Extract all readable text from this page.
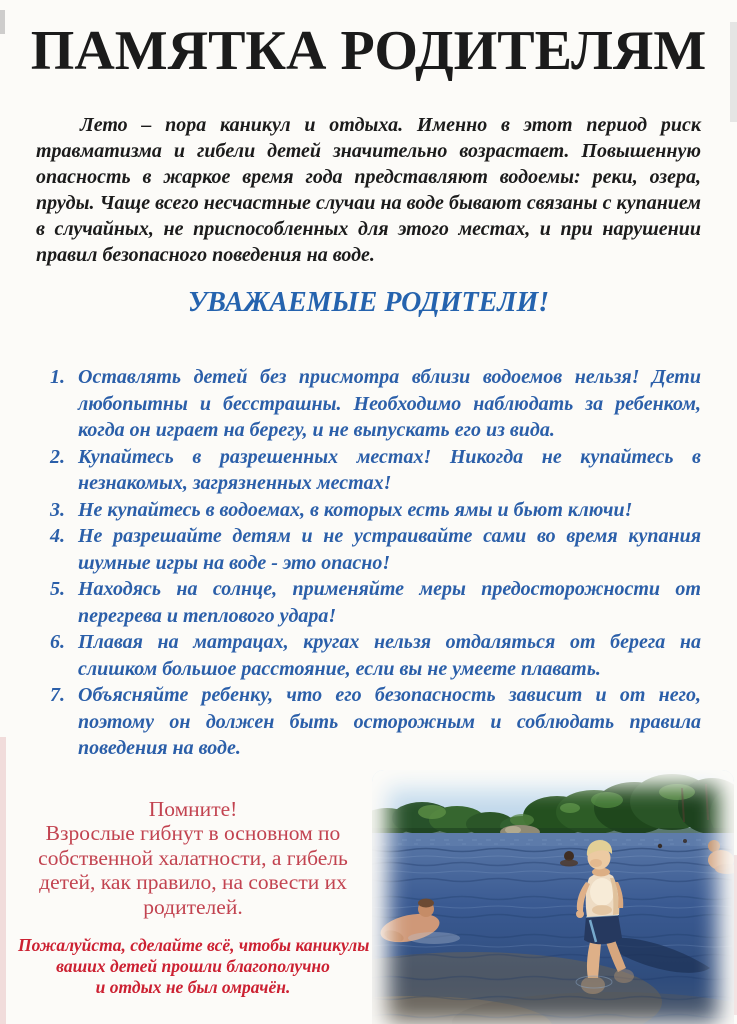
ПАМЯТКА РОДИТЕЛЯМ

Лето – пора каникул и отдыха. Именно в этот период риск травматизма и гибели детей значительно возрастает. Повышенную опасность в жаркое время года представляют водоемы: реки, озера, пруды. Чаще всего несчастные случаи на воде бывают связаны с купанием в случайных, не приспособленных для этого местах, и при нарушении правил безопасного поведения на воде.

УВАЖАЕМЫЕ РОДИТЕЛИ!
1. Оставлять детей без присмотра вблизи водоемов нельзя! Дети любопытны и бесстрашны. Необходимо наблюдать за ребенком, когда он играет на берегу, и не выпускать его из вида.
2. Купайтесь в разрешенных местах! Никогда не купайтесь в незнакомых, загрязненных местах!
3. Не купайтесь в водоемах, в которых есть ямы и бьют ключи!
4. Не разрешайте детям и не устраивайте сами во время купания шумные игры на воде - это опасно!
5. Находясь на солнце, применяйте меры предосторожности от перегрева и теплового удара!
6. Плавая на матрацах, кругах нельзя отдаляться от берега на слишком большое расстояние, если вы не умеете плавать.
7. Объясняйте ребенку, что его безопасность зависит и от него, поэтому он должен быть осторожным и соблюдать правила поведения на воде.
Помните!
Взрослые гибнут в основном по
собственной халатности, а гибель
детей, как правило, на совести их
родителей.
Пожалуйста, сделайте всё, чтобы каникулы
ваших детей прошли благополучно
и отдых не был омрачён.
